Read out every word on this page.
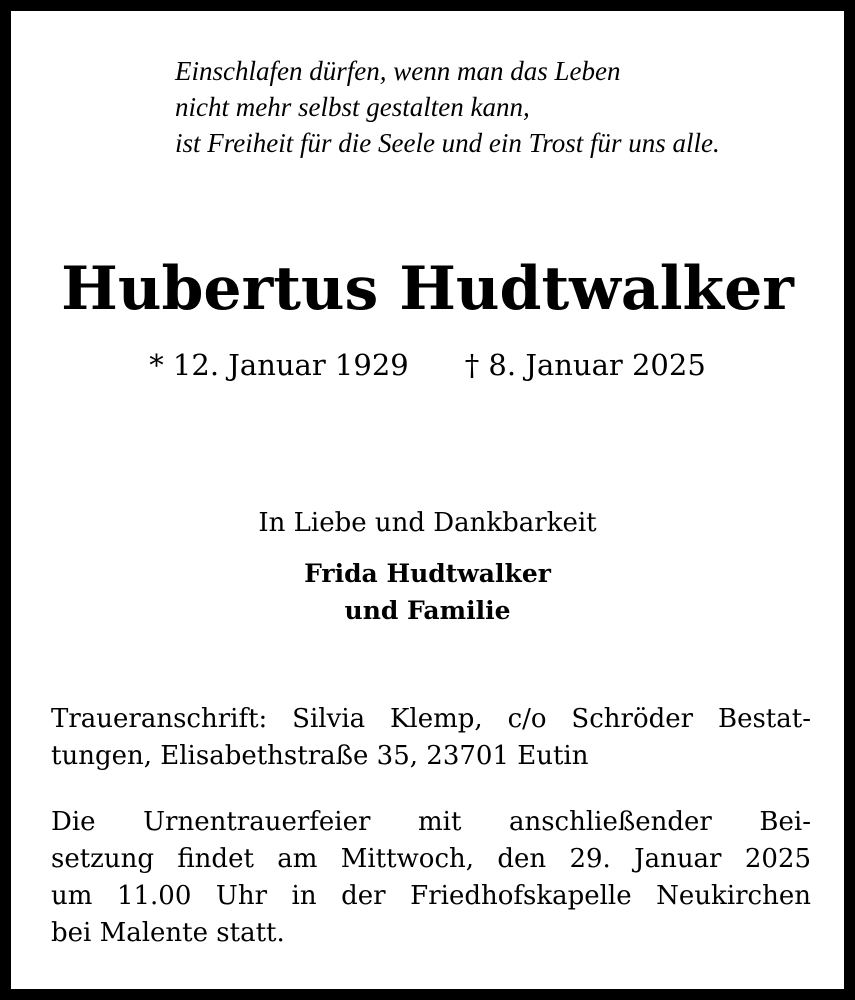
Einschlafen dürfen, wenn man das Leben
nicht mehr selbst gestalten kann,
ist Freiheit für die Seele und ein Trost für uns alle.
Hubertus Hudtwalker
* 12. Januar 1929 † 8. Januar 2025
In Liebe und Dankbarkeit
Frida Hudtwalker
und Familie
Traueranschrift: Silvia Klemp, c/o Schröder Bestat-
tungen, Elisabethstraße 35, 23701 Eutin
Die Urnentrauerfeier mit anschließender Bei-
setzung findet am Mittwoch, den 29. Januar 2025
um 11.00 Uhr in der Friedhofskapelle Neukirchen
bei Malente statt.
